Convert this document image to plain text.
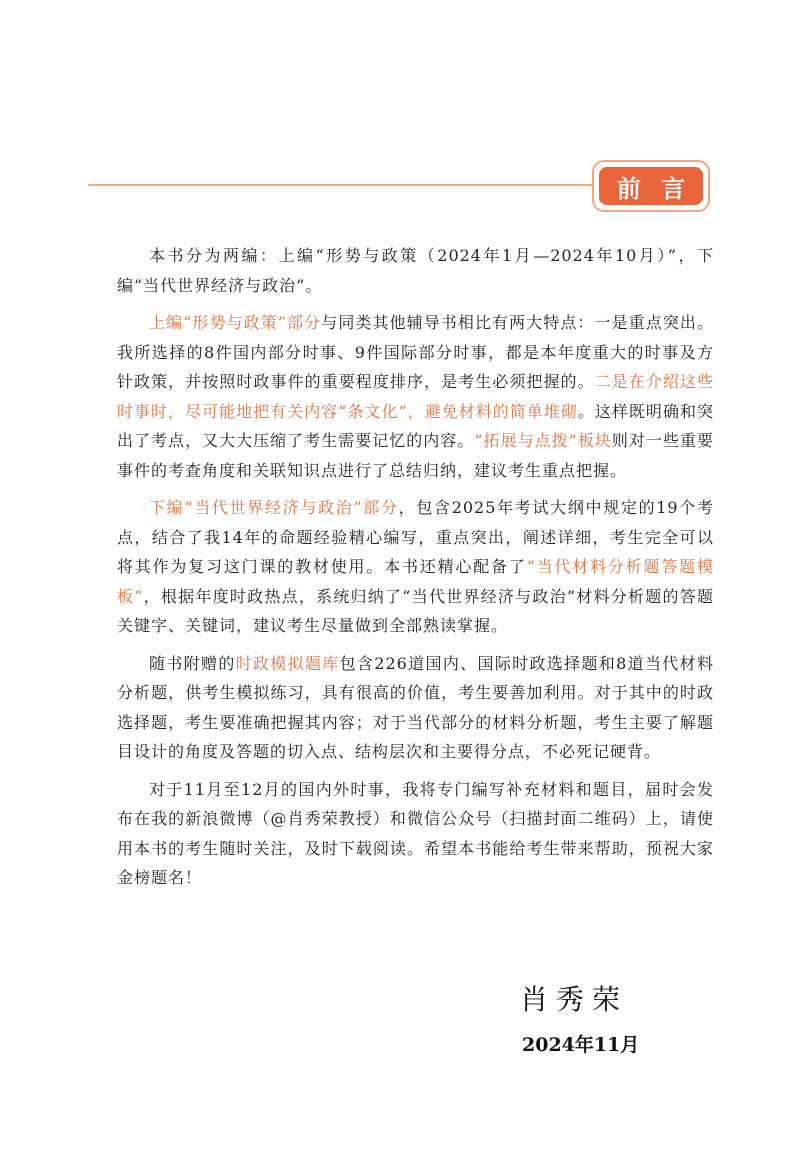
前 言

本书分为两编：上编“形势与政策（2024年1月—2024年10月）”，下编“当代世界经济与政治”。

上编“形势与政策”部分与同类其他辅导书相比有两大特点：一是重点突出。我所选择的8件国内部分时事、9件国际部分时事，都是本年度重大的时事及方针政策，并按照时政事件的重要程度排序，是考生必须把握的。二是在介绍这些时事时，尽可能地把有关内容“条文化”，避免材料的简单堆砌。这样既明确和突出了考点，又大大压缩了考生需要记忆的内容。“拓展与点拨”板块则对一些重要事件的考查角度和关联知识点进行了总结归纳，建议考生重点把握。

下编“当代世界经济与政治”部分，包含2025年考试大纲中规定的19个考点，结合了我14年的命题经验精心编写，重点突出，阐述详细，考生完全可以将其作为复习这门课的教材使用。本书还精心配备了“当代材料分析题答题模板”，根据年度时政热点，系统归纳了“当代世界经济与政治”材料分析题的答题关键字、关键词，建议考生尽量做到全部熟读掌握。

随书附赠的时政模拟题库包含226道国内、国际时政选择题和8道当代材料分析题，供考生模拟练习，具有很高的价值，考生要善加利用。对于其中的时政选择题，考生要准确把握其内容；对于当代部分的材料分析题，考生主要了解题目设计的角度及答题的切入点、结构层次和主要得分点，不必死记硬背。

对于11月至12月的国内外时事，我将专门编写补充材料和题目，届时会发布在我的新浪微博（@肖秀荣教授）和微信公众号（扫描封面二维码）上，请使用本书的考生随时关注，及时下载阅读。希望本书能给考生带来帮助，预祝大家金榜题名！

肖秀荣
2024年11月
